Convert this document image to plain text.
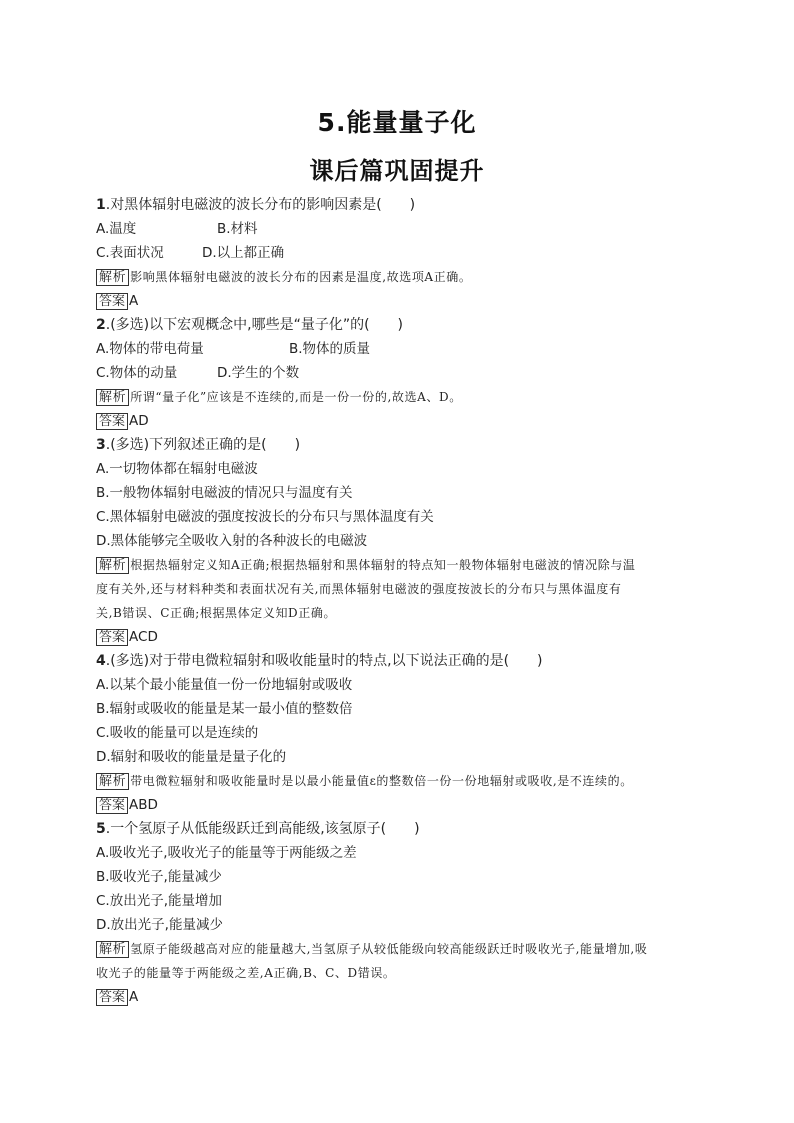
5.能量量子化
课后篇巩固提升
1.对黑体辐射电磁波的波长分布的影响因素是(　　)
A.温度	B.材料
C.表面状况	D.以上都正确
解析 影响黑体辐射电磁波的波长分布的因素是温度,故选项A正确。
答案 A
2.(多选)以下宏观概念中,哪些是“量子化”的(　　)
A.物体的带电荷量	B.物体的质量
C.物体的动量	D.学生的个数
解析 所谓“量子化”应该是不连续的,而是一份一份的,故选A、D。
答案 AD
3.(多选)下列叙述正确的是(　　)
A.一切物体都在辐射电磁波
B.一般物体辐射电磁波的情况只与温度有关
C.黑体辐射电磁波的强度按波长的分布只与黑体温度有关
D.黑体能够完全吸收入射的各种波长的电磁波
解析 根据热辐射定义知A正确;根据热辐射和黑体辐射的特点知一般物体辐射电磁波的情况除与温
度有关外,还与材料种类和表面状况有关,而黑体辐射电磁波的强度按波长的分布只与黑体温度有
关,B错误、C正确;根据黑体定义知D正确。
答案 ACD
4.(多选)对于带电微粒辐射和吸收能量时的特点,以下说法正确的是(　　)
A.以某个最小能量值一份一份地辐射或吸收
B.辐射或吸收的能量是某一最小值的整数倍
C.吸收的能量可以是连续的
D.辐射和吸收的能量是量子化的
解析 带电微粒辐射和吸收能量时是以最小能量值ε的整数倍一份一份地辐射或吸收,是不连续的。
答案 ABD
5.一个氢原子从低能级跃迁到高能级,该氢原子(　　)
A.吸收光子,吸收光子的能量等于两能级之差
B.吸收光子,能量减少
C.放出光子,能量增加
D.放出光子,能量减少
解析 氢原子能级越高对应的能量越大,当氢原子从较低能级向较高能级跃迁时吸收光子,能量增加,吸
收光子的能量等于两能级之差,A正确,B、C、D错误。
答案 A
